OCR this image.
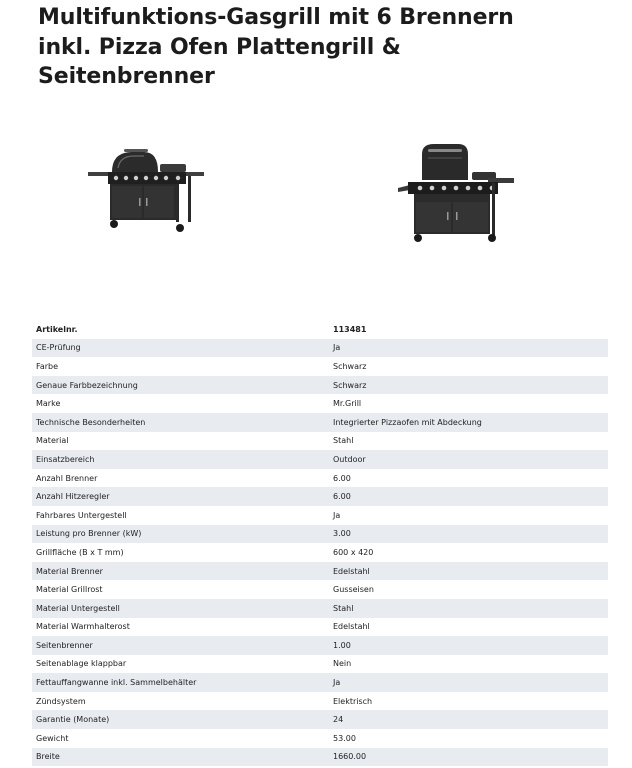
Multifunktions-Gasgrill mit 6 Brennern
inkl. Pizza Ofen Plattengrill &
Seitenbrenner
Artikelnr.	113481
CE-Prüfung	Ja
Farbe	Schwarz
Genaue Farbbezeichnung	Schwarz
Marke	Mr.Grill
Technische Besonderheiten	Integrierter Pizzaofen mit Abdeckung
Material	Stahl
Einsatzbereich	Outdoor
Anzahl Brenner	6.00
Anzahl Hitzeregler	6.00
Fahrbares Untergestell	Ja
Leistung pro Brenner (kW)	3.00
Grillfläche (B x T mm)	600 x 420
Material Brenner	Edelstahl
Material Grillrost	Gusseisen
Material Untergestell	Stahl
Material Warmhalterost	Edelstahl
Seitenbrenner	1.00
Seitenablage klappbar	Nein
Fettauffangwanne inkl. Sammelbehälter	Ja
Zündsystem	Elektrisch
Garantie (Monate)	24
Gewicht	53.00
Breite	1660.00
